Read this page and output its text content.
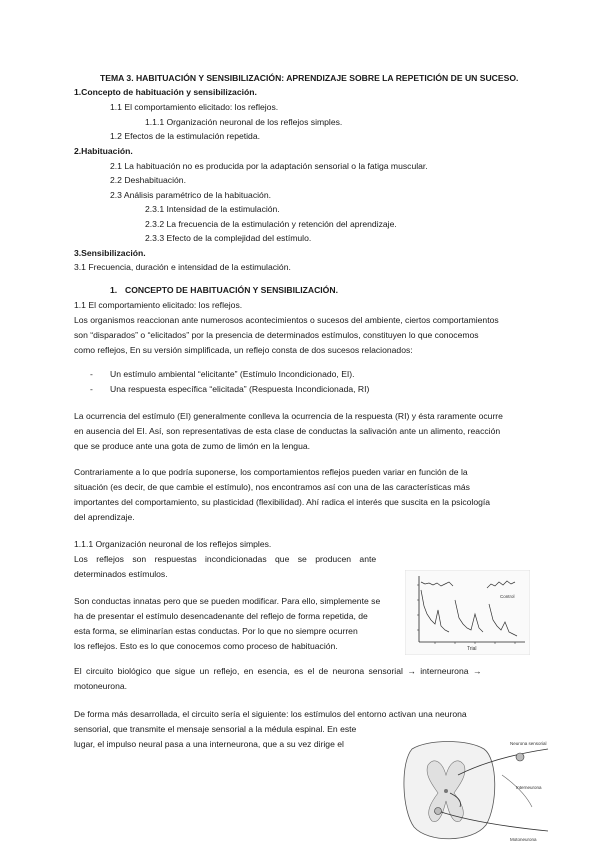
TEMA 3. HABITUACIÓN Y SENSIBILIZACIÓN: APRENDIZAJE SOBRE LA REPETICIÓN DE UN SUCESO.
1.Concepto de habituación y sensibilización.
1.1 El comportamiento elicitado: los reflejos.
1.1.1 Organización neuronal de los reflejos simples.
1.2 Efectos de la estimulación repetida.
2.Habituación.
2.1 La habituación no es producida por la adaptación sensorial o la fatiga muscular.
2.2 Deshabituación.
2.3 Análisis paramétrico de la habituación.
2.3.1 Intensidad de la estimulación.
2.3.2 La frecuencia de la estimulación y retención del aprendizaje.
2.3.3 Efecto de la complejidad del estímulo.
3.Sensibilización.
3.1 Frecuencia, duración e intensidad de la estimulación.
1. CONCEPTO DE HABITUACIÓN Y SENSIBILIZACIÓN.
1.1 El comportamiento elicitado: los reflejos.
Los organismos reaccionan ante numerosos acontecimientos o sucesos del ambiente, ciertos comportamientos
son “disparados” o “elicitados” por la presencia de determinados estímulos, constituyen lo que conocemos
como reflejos, En su versión simplificada, un reflejo consta de dos sucesos relacionados:
- Un estímulo ambiental “elicitante” (Estímulo Incondicionado, EI).
- Una respuesta específica “elicitada” (Respuesta Incondicionada, RI)
La ocurrencia del estímulo (EI) generalmente conlleva la ocurrencia de la respuesta (RI) y ésta raramente ocurre
en ausencia del EI. Así, son representativas de esta clase de conductas la salivación ante un alimento, reacción
que se produce ante una gota de zumo de limón en la lengua.
Contrariamente a lo que podría suponerse, los comportamientos reflejos pueden variar en función de la
situación (es decir, de que cambie el estímulo), nos encontramos así con una de las características más
importantes del comportamiento, su plasticidad (flexibilidad). Ahí radica el interés que suscita en la psicología
del aprendizaje.
1.1.1 Organización neuronal de los reflejos simples.
Los reflejos son respuestas incondicionadas que se producen ante
determinados estímulos.
Son conductas innatas pero que se pueden modificar. Para ello, simplemente se
ha de presentar el estímulo desencadenante del reflejo de forma repetida, de
esta forma, se eliminarían estas conductas. Por lo que no siempre ocurren
los reflejos. Esto es lo que conocemos como proceso de habituación.
El circuito biológico que sigue un reflejo, en esencia, es el de neurona sensorial → interneurona →
motoneurona.
De forma más desarrollada, el circuito sería el siguiente: los estímulos del entorno activan una neurona
sensorial, que transmite el mensaje sensorial a la médula espinal. En este
lugar, el impulso neural pasa a una interneurona, que a su vez dirige el
Control
Trial
Neurona sensorial
Interneurona
Motoneurona
